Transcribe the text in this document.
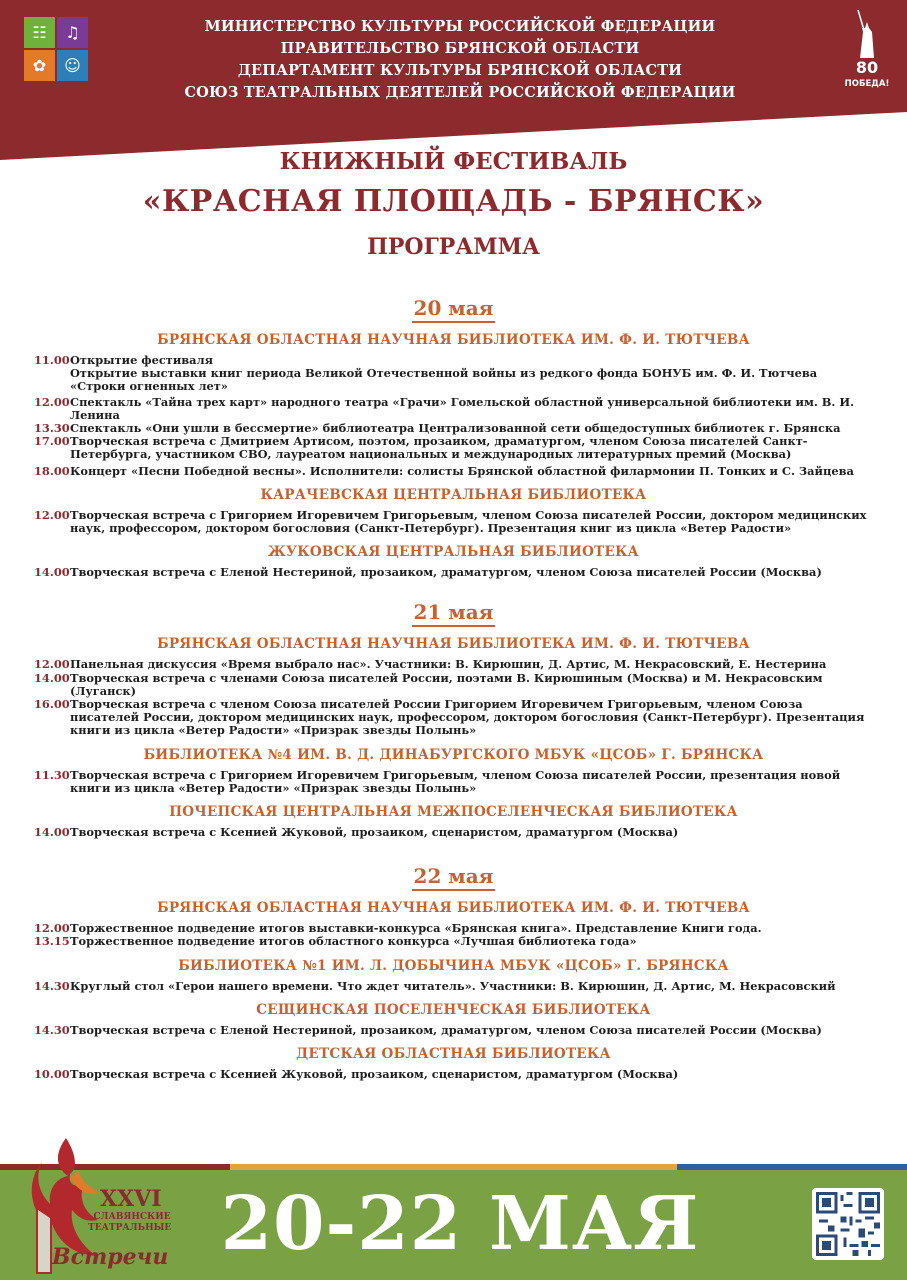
☷	♫
✿	☺
МИНИСТЕРСТВО КУЛЬТУРЫ РОССИЙСКОЙ ФЕДЕРАЦИИ
ПРАВИТЕЛЬСТВО БРЯНСКОЙ ОБЛАСТИ
ДЕПАРТАМЕНТ КУЛЬТУРЫ БРЯНСКОЙ ОБЛАСТИ
СОЮЗ ТЕАТРАЛЬНЫХ ДЕЯТЕЛЕЙ РОССИЙСКОЙ ФЕДЕРАЦИИ
80
ПОБЕДА!
КНИЖНЫЙ ФЕСТИВАЛЬ
«КРАСНАЯ ПЛОЩАДЬ - БРЯНСК»
ПРОГРАММА
20 мая
БРЯНСКАЯ ОБЛАСТНАЯ НАУЧНАЯ БИБЛИОТЕКА ИМ. Ф. И. ТЮТЧЕВА
11.00 Открытие фестиваля
Открытие выставки книг периода Великой Отечественной войны из редкого фонда БОНУБ им. Ф. И. Тютчева «Строки огненных лет»
12.00 Спектакль «Тайна трех карт» народного театра «Грачи» Гомельской областной универсальной библиотеки им. В. И. Ленина
13.30 Спектакль «Они ушли в бессмертие» библиотеатра Централизованной сети общедоступных библиотек г. Брянска
17.00 Творческая встреча с Дмитрием Артисом, поэтом, прозаиком, драматургом, членом Союза писателей Санкт-Петербурга, участником СВО, лауреатом национальных и международных литературных премий (Москва)
18.00 Концерт «Песни Победной весны». Исполнители: солисты Брянской областной филармонии П. Тонких и С. Зайцева
КАРАЧЕВСКАЯ ЦЕНТРАЛЬНАЯ БИБЛИОТЕКА
12.00 Творческая встреча с Григорием Игоревичем Григорьевым, членом Союза писателей России, доктором медицинских наук, профессором, доктором богословия (Санкт-Петербург). Презентация книг из цикла «Ветер Радости»
ЖУКОВСКАЯ ЦЕНТРАЛЬНАЯ БИБЛИОТЕКА
14.00 Творческая встреча с Еленой Нестериной, прозаиком, драматургом, членом Союза писателей России (Москва)
21 мая
БРЯНСКАЯ ОБЛАСТНАЯ НАУЧНАЯ БИБЛИОТЕКА ИМ. Ф. И. ТЮТЧЕВА
12.00 Панельная дискуссия «Время выбрало нас». Участники: В. Кирюшин, Д. Артис, М. Некрасовский, Е. Нестерина
14.00 Творческая встреча с членами Союза писателей России, поэтами В. Кирюшиным (Москва) и М. Некрасовским (Луганск)
16.00 Творческая встреча с членом Союза писателей России Григорием Игоревичем Григорьевым, членом Союза писателей России, доктором медицинских наук, профессором, доктором богословия (Санкт-Петербург). Презентация книги из цикла «Ветер Радости» «Призрак звезды Полынь»
БИБЛИОТЕКА №4 ИМ. В. Д. ДИНАБУРГСКОГО МБУК «ЦСОБ» Г. БРЯНСКА
11.30 Творческая встреча с Григорием Игоревичем Григорьевым, членом Союза писателей России, презентация новой книги из цикла «Ветер Радости» «Призрак звезды Полынь»
ПОЧЕПСКАЯ ЦЕНТРАЛЬНАЯ МЕЖПОСЕЛЕНЧЕСКАЯ БИБЛИОТЕКА
14.00 Творческая встреча с Ксенией Жуковой, прозаиком, сценаристом, драматургом (Москва)
22 мая
БРЯНСКАЯ ОБЛАСТНАЯ НАУЧНАЯ БИБЛИОТЕКА ИМ. Ф. И. ТЮТЧЕВА
12.00 Торжественное подведение итогов выставки-конкурса «Брянская книга». Представление Книги года.
13.15 Торжественное подведение итогов областного конкурса «Лучшая библиотека года»
БИБЛИОТЕКА №1 ИМ. Л. ДОБЫЧИНА МБУК «ЦСОБ» Г. БРЯНСКА
14.30 Круглый стол «Герои нашего времени. Что ждет читатель». Участники: В. Кирюшин, Д. Артис, М. Некрасовский
СЕЩИНСКАЯ ПОСЕЛЕНЧЕСКАЯ БИБЛИОТЕКА
14.30 Творческая встреча с Еленой Нестериной, прозаиком, драматургом, членом Союза писателей России (Москва)
ДЕТСКАЯ ОБЛАСТНАЯ БИБЛИОТЕКА
10.00 Творческая встреча с Ксенией Жуковой, прозаиком, сценаристом, драматургом (Москва)
20-22 МАЯ
XXVI
СЛАВЯНСКИЕ
ТЕАТРАЛЬНЫЕ
Встречи
